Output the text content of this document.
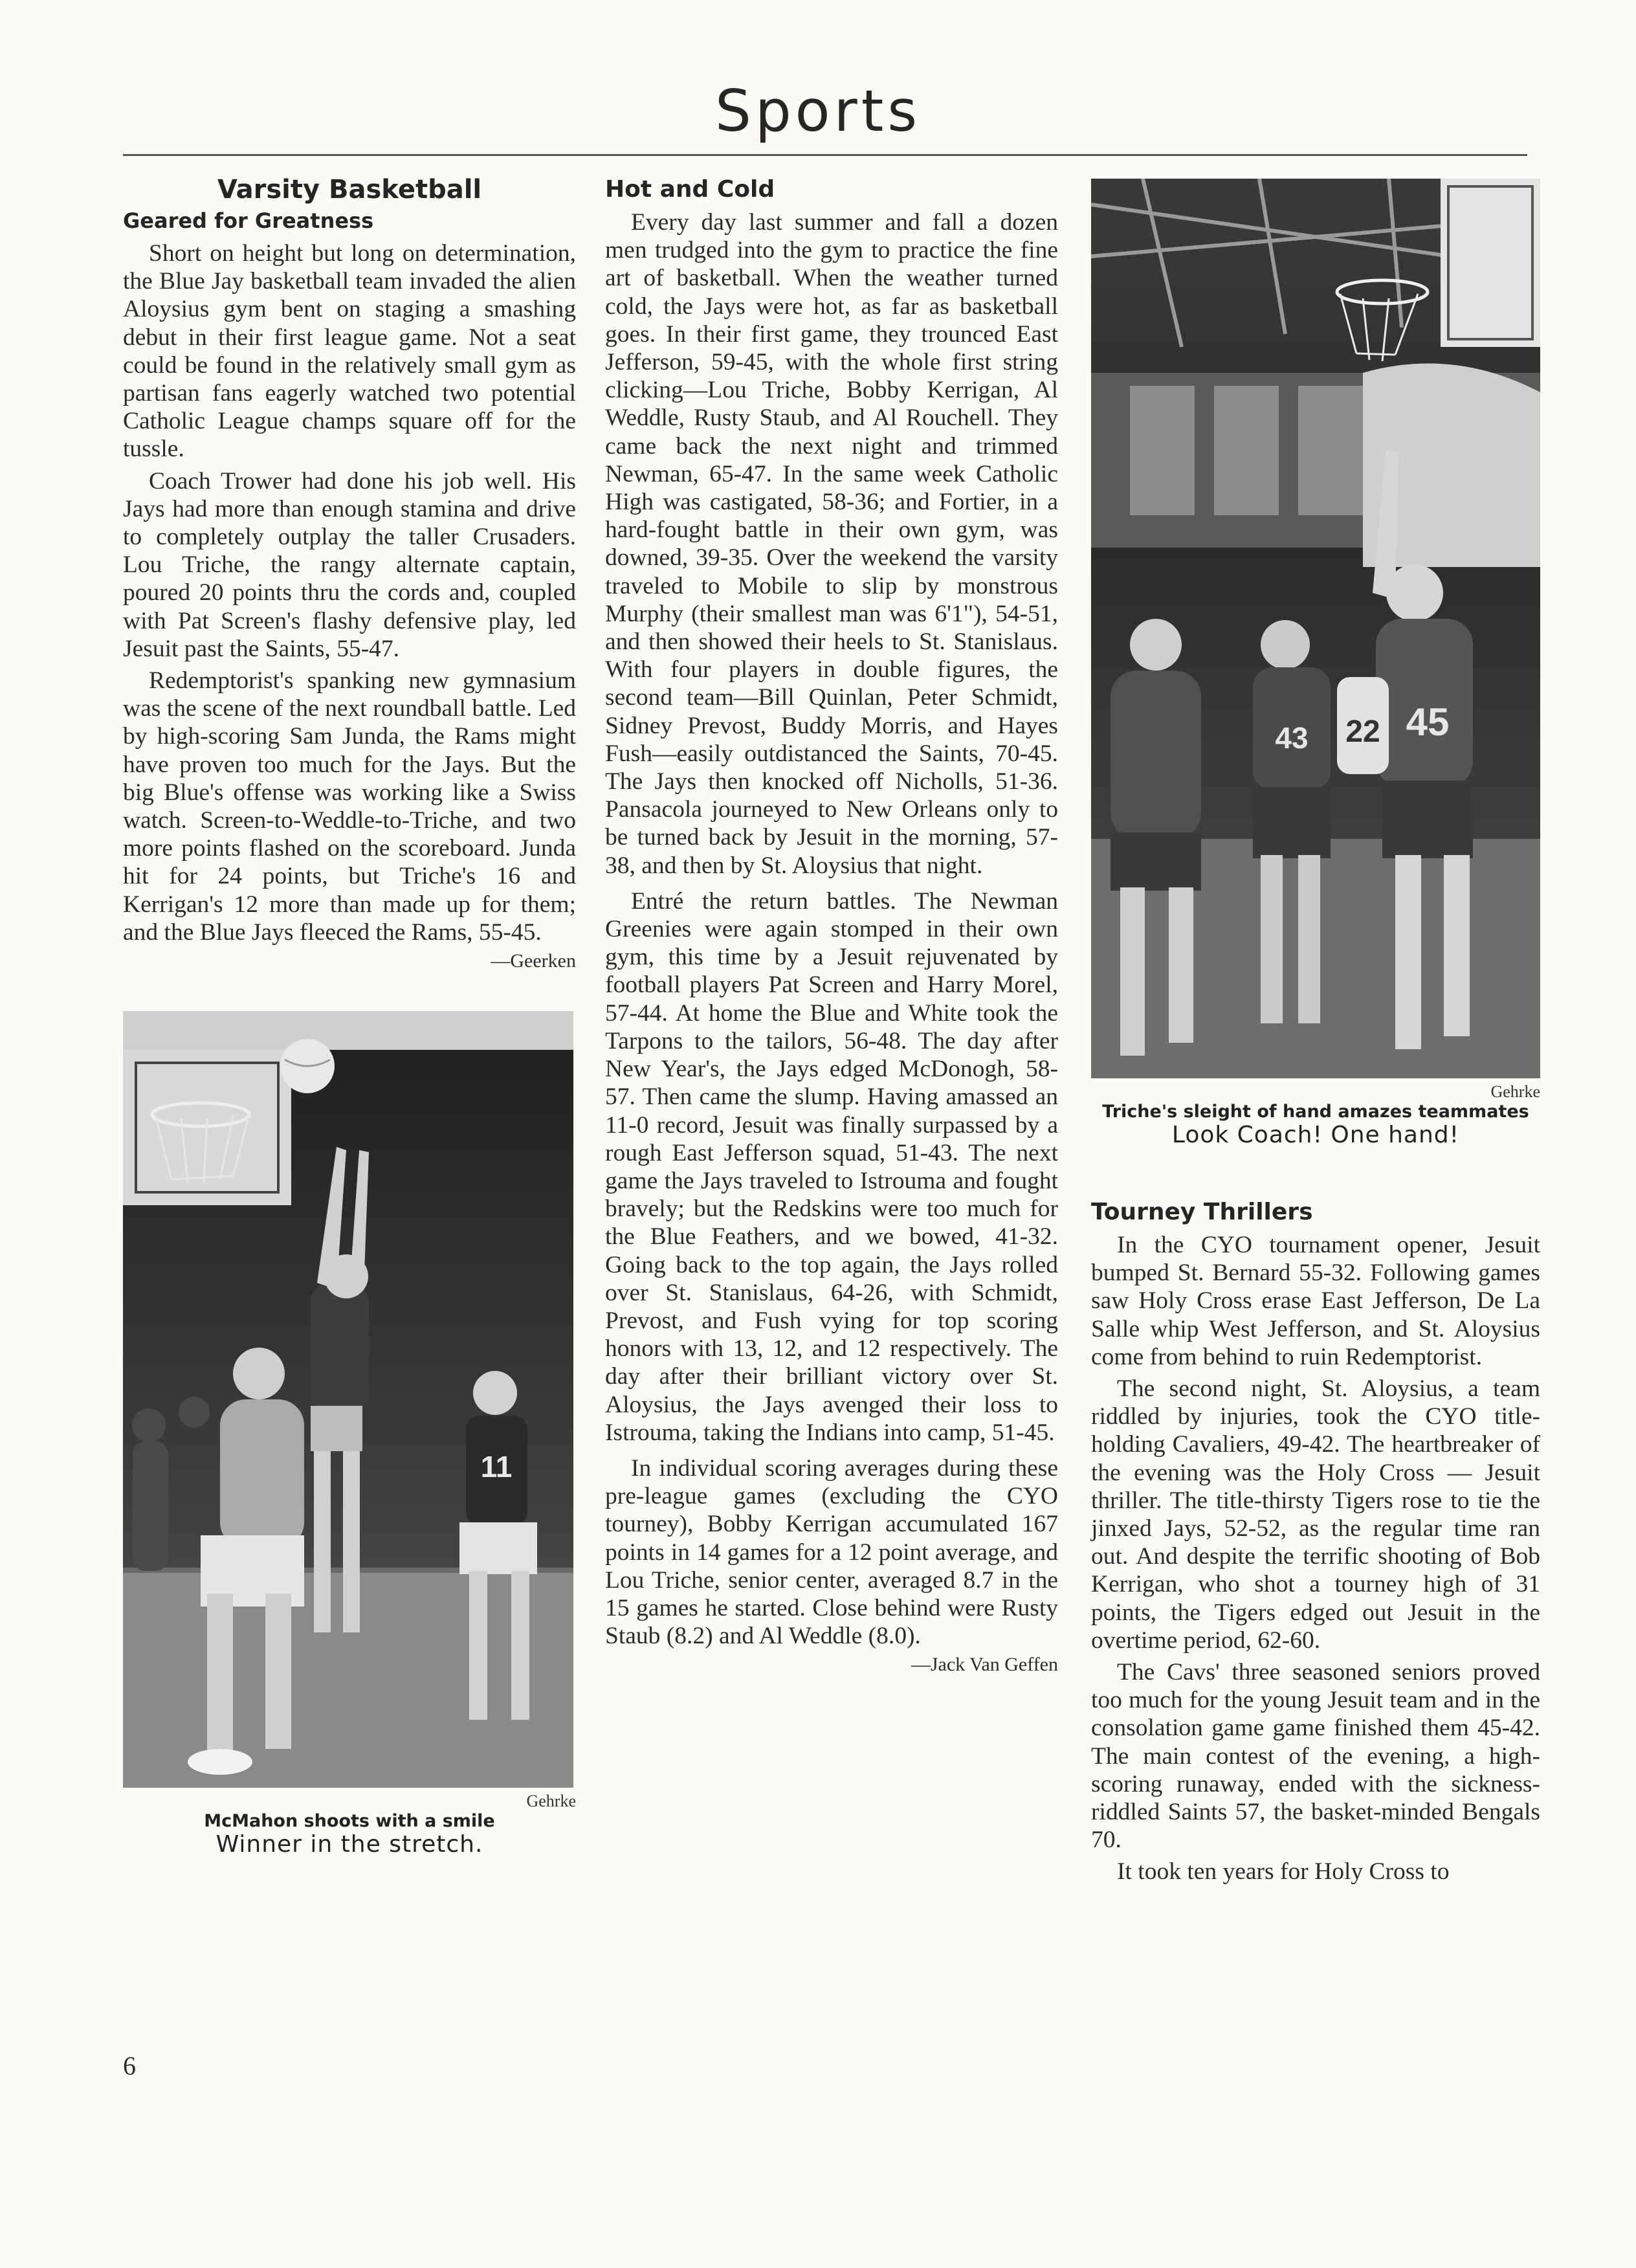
Sports
Varsity Basketball
Geared for Greatness

Short on height but long on determination, the Blue Jay basketball team invaded the alien Aloysius gym bent on staging a smashing debut in their first league game. Not a seat could be found in the relatively small gym as partisan fans eagerly watched two potential Catholic League champs square off for the tussle.

Coach Trower had done his job well. His Jays had more than enough stamina and drive to completely outplay the taller Crusaders. Lou Triche, the rangy alternate captain, poured 20 points thru the cords and, coupled with Pat Screen's flashy defensive play, led Jesuit past the Saints, 55-47.

Redemptorist's spanking new gymnasium was the scene of the next roundball battle. Led by high-scoring Sam Junda, the Rams might have proven too much for the Jays. But the big Blue's offense was working like a Swiss watch. Screen-to-Weddle-to-Triche, and two more points flashed on the scoreboard. Junda hit for 24 points, but Triche's 16 and Kerrigan's 12 more than made up for them; and the Blue Jays fleeced the Rams, 55-45.

—Geerken
11
Gehrke
McMahon shoots with a smile
Winner in the stretch.
Hot and Cold

Every day last summer and fall a dozen men trudged into the gym to practice the fine art of basketball. When the weather turned cold, the Jays were hot, as far as basketball goes. In their first game, they trounced East Jefferson, 59-45, with the whole first string clicking—Lou Triche, Bobby Kerrigan, Al Weddle, Rusty Staub, and Al Rouchell. They came back the next night and trimmed Newman, 65-47. In the same week Catholic High was castigated, 58-36; and Fortier, in a hard-fought battle in their own gym, was downed, 39-35. Over the weekend the varsity traveled to Mobile to slip by monstrous Murphy (their smallest man was 6'1"), 54-51, and then showed their heels to St. Stanislaus. With four players in double figures, the second team—Bill Quinlan, Peter Schmidt, Sidney Prevost, Buddy Morris, and Hayes Fush—easily outdistanced the Saints, 70-45. The Jays then knocked off Nicholls, 51-36. Pansacola journeyed to New Orleans only to be turned back by Jesuit in the morning, 57-38, and then by St. Aloysius that night.

Entré the return battles. The Newman Greenies were again stomped in their own gym, this time by a Jesuit rejuvenated by football players Pat Screen and Harry Morel, 57-44. At home the Blue and White took the Tarpons to the tailors, 56-48. The day after New Year's, the Jays edged McDonogh, 58-57. Then came the slump. Having amassed an 11-0 record, Jesuit was finally surpassed by a rough East Jefferson squad, 51-43. The next game the Jays traveled to Istrouma and fought bravely; but the Redskins were too much for the Blue Feathers, and we bowed, 41-32. Going back to the top again, the Jays rolled over St. Stanislaus, 64-26, with Schmidt, Prevost, and Fush vying for top scoring honors with 13, 12, and 12 respectively. The day after their brilliant victory over St. Aloysius, the Jays avenged their loss to Istrouma, taking the Indians into camp, 51-45.

In individual scoring averages during these pre-league games (excluding the CYO tourney), Bobby Kerrigan accumulated 167 points in 14 games for a 12 point average, and Lou Triche, senior center, averaged 8.7 in the 15 games he started. Close behind were Rusty Staub (8.2) and Al Weddle (8.0).

—Jack Van Geffen
45
43 22
Gehrke
Triche's sleight of hand amazes teammates
Look Coach! One hand!
Tourney Thrillers

In the CYO tournament opener, Jesuit bumped St. Bernard 55-32. Following games saw Holy Cross erase East Jefferson, De La Salle whip West Jefferson, and St. Aloysius come from behind to ruin Redemptorist.

The second night, St. Aloysius, a team riddled by injuries, took the CYO title-holding Cavaliers, 49-42. The heartbreaker of the evening was the Holy Cross — Jesuit thriller. The title-thirsty Tigers rose to tie the jinxed Jays, 52-52, as the regular time ran out. And despite the terrific shooting of Bob Kerrigan, who shot a tourney high of 31 points, the Tigers edged out Jesuit in the overtime period, 62-60.

The Cavs' three seasoned seniors proved too much for the young Jesuit team and in the consolation game game finished them 45-42. The main contest of the evening, a high-scoring runaway, ended with the sickness-riddled Saints 57, the basket-minded Bengals 70.

It took ten years for Holy Cross to

6
